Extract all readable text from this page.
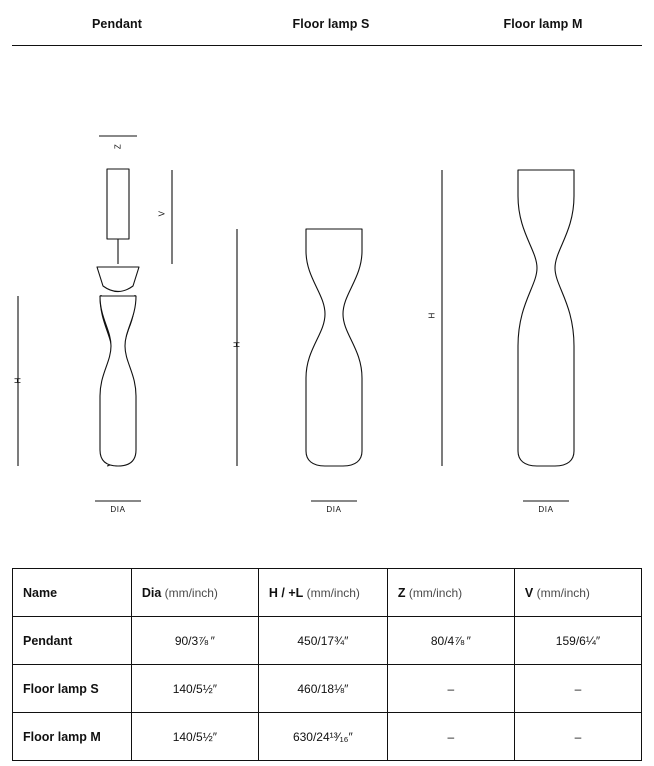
Pendant	Floor lamp S	Floor lamp M
H
V
Z
DIA
H
DIA
H
DIA
Name	Dia (mm/inch)	H / +L (mm/inch)	Z (mm/inch)	V (mm/inch)
Pendant	90/3⅞ ″	450/17¾″	80/4⅞ ″	159/6¼″
Floor lamp S	140/5½″	460/18⅛″	–	–
Floor lamp M	140/5½″	630/24¹³⁄₁₆″	–	–
